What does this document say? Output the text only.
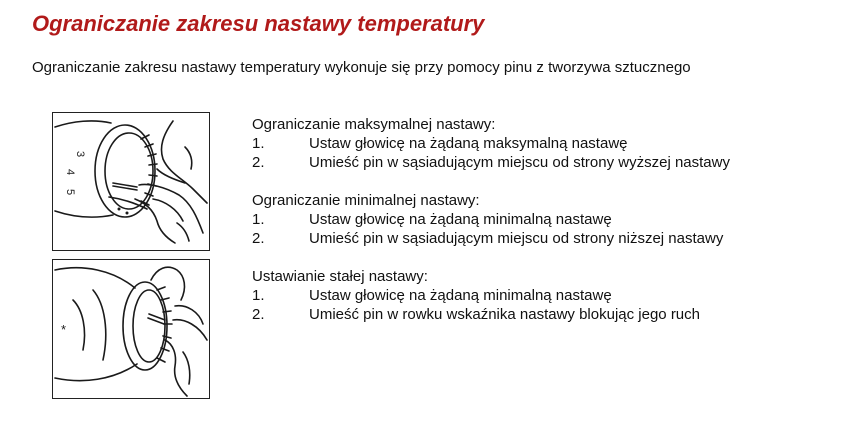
Ograniczanie zakresu nastawy temperatury
Ograniczanie zakresu nastawy temperatury wykonuje się przy pomocy pinu z tworzywa sztucznego
3
4
5
*
Ograniczanie maksymalnej nastawy:
1.	Ustaw głowicę na żądaną maksymalną nastawę
2.	Umieść pin w sąsiadującym miejscu od strony wyższej nastawy
Ograniczanie minimalnej nastawy:
1.	Ustaw głowicę na żądaną minimalną nastawę
2.	Umieść pin w sąsiadującym miejscu od strony niższej nastawy
Ustawianie stałej nastawy:
1.	Ustaw głowicę na żądaną minimalną nastawę
2.	Umieść pin w rowku wskaźnika nastawy blokując jego ruch
